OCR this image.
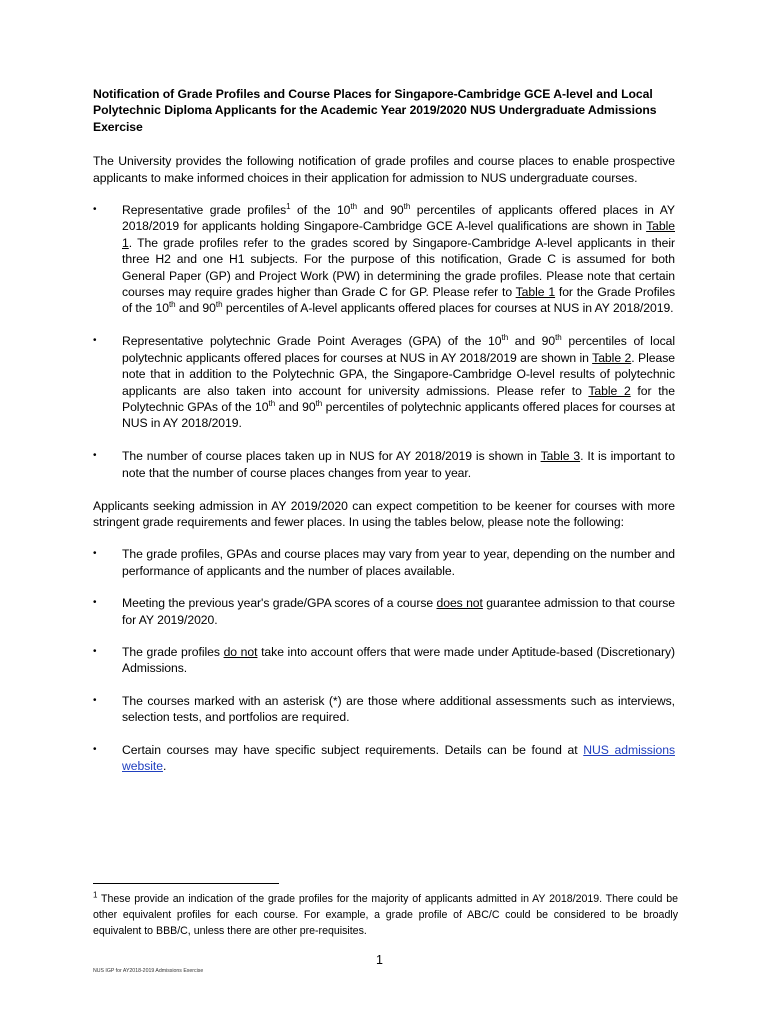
Notification of Grade Profiles and Course Places for Singapore-Cambridge GCE A-level and Local Polytechnic Diploma Applicants for the Academic Year 2019/2020 NUS Undergraduate Admissions Exercise

The University provides the following notification of grade profiles and course places to enable prospective applicants to make informed choices in their application for admission to NUS undergraduate courses.

•	Representative grade profiles$^1$ of the 10th and 90th percentiles of applicants offered places in AY 2018/2019 for applicants holding Singapore-Cambridge GCE A-level qualifications are shown in Table 1. The grade profiles refer to the grades scored by Singapore-Cambridge A-level applicants in their three H2 and one H1 subjects. For the purpose of this notification, Grade C is assumed for both General Paper (GP) and Project Work (PW) in determining the grade profiles. Please note that certain courses may require grades higher than Grade C for GP. Please refer to Table 1 for the Grade Profiles of the 10th and 90th percentiles of A-level applicants offered places for courses at NUS in AY 2018/2019.
•	Representative polytechnic Grade Point Averages (GPA) of the 10th and 90th percentiles of local polytechnic applicants offered places for courses at NUS in AY 2018/2019 are shown in Table 2. Please note that in addition to the Polytechnic GPA, the Singapore-Cambridge O-level results of polytechnic applicants are also taken into account for university admissions. Please refer to Table 2 for the Polytechnic GPAs of the 10th and 90th percentiles of polytechnic applicants offered places for courses at NUS in AY 2018/2019.
•	The number of course places taken up in NUS for AY 2018/2019 is shown in Table 3. It is important to note that the number of course places changes from year to year.

Applicants seeking admission in AY 2019/2020 can expect competition to be keener for courses with more stringent grade requirements and fewer places. In using the tables below, please note the following:

•	The grade profiles, GPAs and course places may vary from year to year, depending on the number and performance of applicants and the number of places available.
•	Meeting the previous year's grade/GPA scores of a course does not guarantee admission to that course for AY 2019/2020.
•	The grade profiles do not take into account offers that were made under Aptitude-based (Discretionary) Admissions.
•	The courses marked with an asterisk (*) are those where additional assessments such as interviews, selection tests, and portfolios are required.
•	Certain courses may have specific subject requirements. Details can be found at NUS admissions website.
$^1$ These provide an indication of the grade profiles for the majority of applicants admitted in AY 2018/2019. There could be other equivalent profiles for each course. For example, a grade profile of ABC/C could be considered to be broadly equivalent to BBB/C, unless there are other pre-requisites.
1
NUS IGP for AY2018-2019 Admissions Exercise
